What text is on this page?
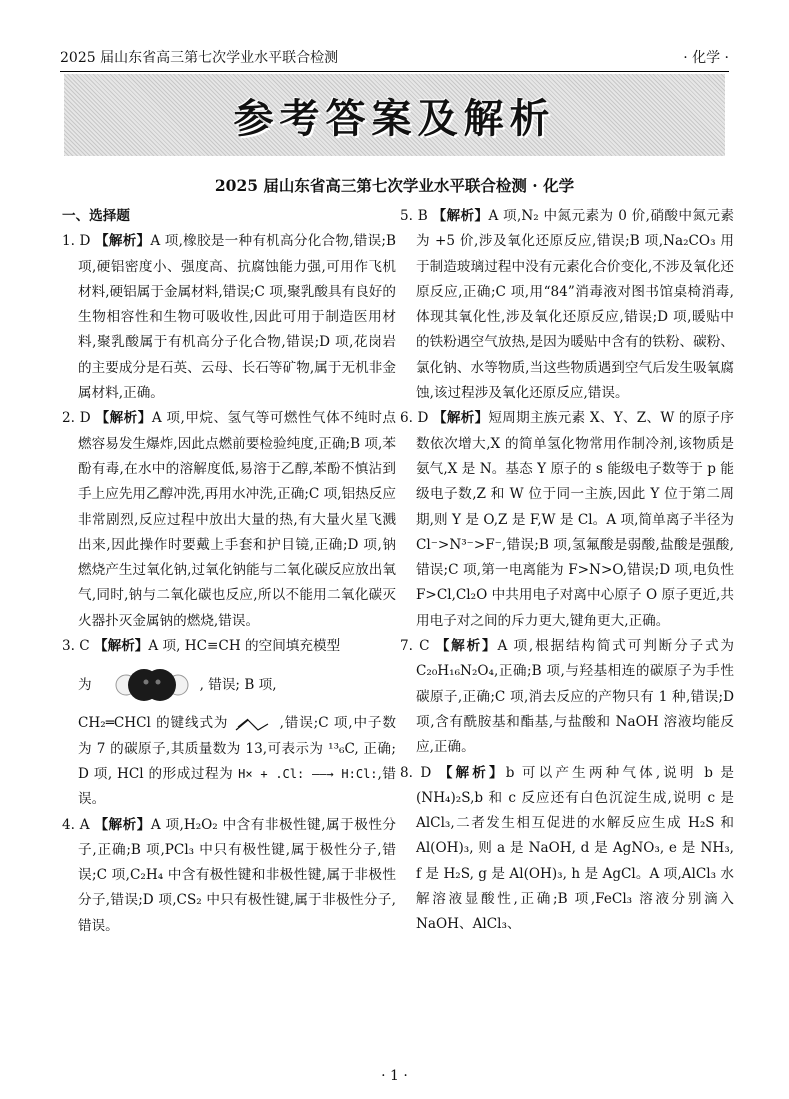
2025 届山东省高三第七次学业水平联合检测	· 化学 ·
参考答案及解析
2025 届山东省高三第七次学业水平联合检测 · 化学
一、选择题

1. D 【解析】A 项,橡胶是一种有机高分化合物,错误;B 项,硬铝密度小、强度高、抗腐蚀能力强,可用作飞机材料,硬铝属于金属材料,错误;C 项,聚乳酸具有良好的生物相容性和生物可吸收性,因此可用于制造医用材料,聚乳酸属于有机高分子化合物,错误;D 项,花岗岩的主要成分是石英、云母、长石等矿物,属于无机非金属材料,正确。

2. D 【解析】A 项,甲烷、氢气等可燃性气体不纯时点燃容易发生爆炸,因此点燃前要检验纯度,正确;B 项,苯酚有毒,在水中的溶解度低,易溶于乙醇,苯酚不慎沾到手上应先用乙醇冲洗,再用水冲洗,正确;C 项,铝热反应非常剧烈,反应过程中放出大量的热,有大量火星飞溅出来,因此操作时要戴上手套和护目镜,正确;D 项,钠燃烧产生过氧化钠,过氧化钠能与二氧化碳反应放出氧气,同时,钠与二氧化碳也反应,所以不能用二氧化碳灭火器扑灭金属钠的燃烧,错误。

3. C 【解析】A 项, HC≡CH 的空间填充模型

为	, 错误; B 项,

CH₂═CHCl 的键线式为	,错误;C 项,中子数为 7 的碳原子,其质量数为 13,可表示为 ¹³₆C, 正确; D 项, HCl 的形成过程为 H× + .Cl: ——→ H:Cl:,错误。

4. A 【解析】A 项,H₂O₂ 中含有非极性键,属于极性分子,正确;B 项,PCl₃ 中只有极性键,属于极性分子,错误;C 项,C₂H₄ 中含有极性键和非极性键,属于非极性分子,错误;D 项,CS₂ 中只有极性键,属于非极性分子,错误。

5. B 【解析】A 项,N₂ 中氮元素为 0 价,硝酸中氮元素为 +5 价,涉及氧化还原反应,错误;B 项,Na₂CO₃ 用于制造玻璃过程中没有元素化合价变化,不涉及氧化还原反应,正确;C 项,用“84”消毒液对图书馆桌椅消毒,体现其氧化性,涉及氧化还原反应,错误;D 项,暖贴中的铁粉遇空气放热,是因为暖贴中含有的铁粉、碳粉、氯化钠、水等物质,当这些物质遇到空气后发生吸氧腐蚀,该过程涉及氧化还原反应,错误。

6. D 【解析】短周期主族元素 X、Y、Z、W 的原子序数依次增大,X 的简单氢化物常用作制冷剂,该物质是氨气,X 是 N。基态 Y 原子的 s 能级电子数等于 p 能级电子数,Z 和 W 位于同一主族,因此 Y 位于第二周期,则 Y 是 O,Z 是 F,W 是 Cl。A 项,简单离子半径为 Cl⁻>N³⁻>F⁻,错误;B 项,氢氟酸是弱酸,盐酸是强酸,错误;C 项,第一电离能为 F>N>O,错误;D 项,电负性 F>Cl,Cl₂O 中共用电子对离中心原子 O 原子更近,共用电子对之间的斥力更大,键角更大,正确。

7. C 【解析】A 项,根据结构简式可判断分子式为 C₂₀H₁₆N₂O₄,正确;B 项,与羟基相连的碳原子为手性碳原子,正确;C 项,消去反应的产物只有 1 种,错误;D 项,含有酰胺基和酯基,与盐酸和 NaOH 溶液均能反应,正确。

8. D 【解析】b 可以产生两种气体,说明 b 是 (NH₄)₂S,b 和 c 反应还有白色沉淀生成,说明 c 是 AlCl₃,二者发生相互促进的水解反应生成 H₂S 和 Al(OH)₃, 则 a 是 NaOH, d 是 AgNO₃, e 是 NH₃, f 是 H₂S, g 是 Al(OH)₃, h 是 AgCl。A 项,AlCl₃ 水解溶液显酸性,正确;B 项,FeCl₃ 溶液分别滴入 NaOH、AlCl₃、

· 1 ·
